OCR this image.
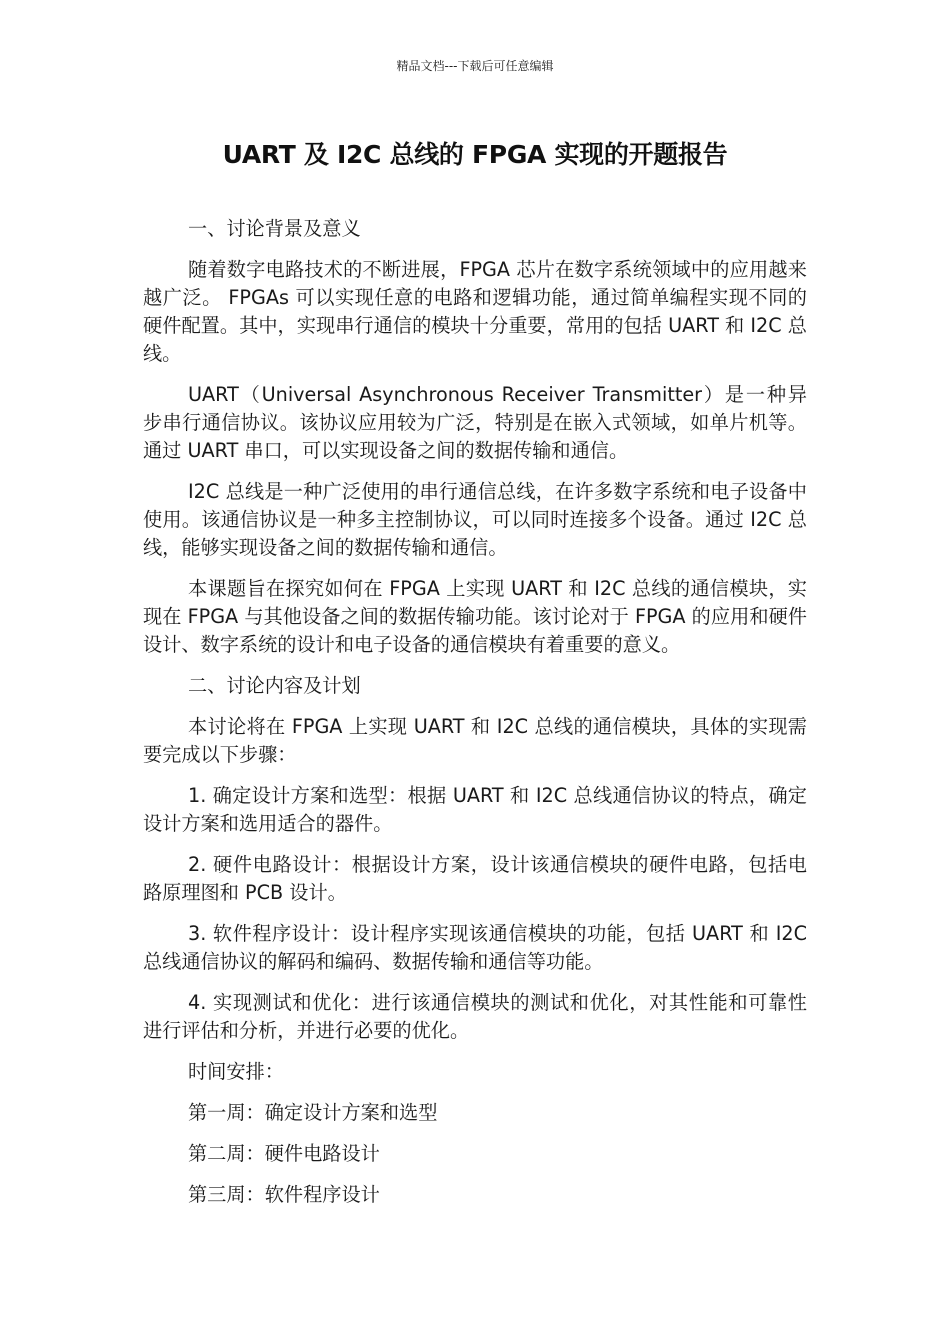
精品文档---下载后可任意编辑
UART 及 I2C 总线的 FPGA 实现的开题报告

一、讨论背景及意义

随着数字电路技术的不断进展，FPGA 芯片在数字系统领域中的应用越来越广泛。 FPGAs 可以实现任意的电路和逻辑功能，通过简单编程实现不同的硬件配置。其中，实现串行通信的模块十分重要，常用的包括 UART 和 I2C 总线。

UART（Universal Asynchronous Receiver Transmitter）是一种异步串行通信协议。该协议应用较为广泛，特别是在嵌入式领域，如单片机等。通过 UART 串口，可以实现设备之间的数据传输和通信。

I2C 总线是一种广泛使用的串行通信总线，在许多数字系统和电子设备中使用。该通信协议是一种多主控制协议，可以同时连接多个设备。通过 I2C 总线，能够实现设备之间的数据传输和通信。

本课题旨在探究如何在 FPGA 上实现 UART 和 I2C 总线的通信模块，实现在 FPGA 与其他设备之间的数据传输功能。该讨论对于 FPGA 的应用和硬件设计、数字系统的设计和电子设备的通信模块有着重要的意义。

二、讨论内容及计划

本讨论将在 FPGA 上实现 UART 和 I2C 总线的通信模块，具体的实现需要完成以下步骤：

1. 确定设计方案和选型：根据 UART 和 I2C 总线通信协议的特点，确定设计方案和选用适合的器件。

2. 硬件电路设计：根据设计方案，设计该通信模块的硬件电路，包括电路原理图和 PCB 设计。

3. 软件程序设计：设计程序实现该通信模块的功能，包括 UART 和 I2C 总线通信协议的解码和编码、数据传输和通信等功能。

4. 实现测试和优化：进行该通信模块的测试和优化，对其性能和可靠性进行评估和分析，并进行必要的优化。

时间安排：

第一周：确定设计方案和选型

第二周：硬件电路设计

第三周：软件程序设计
